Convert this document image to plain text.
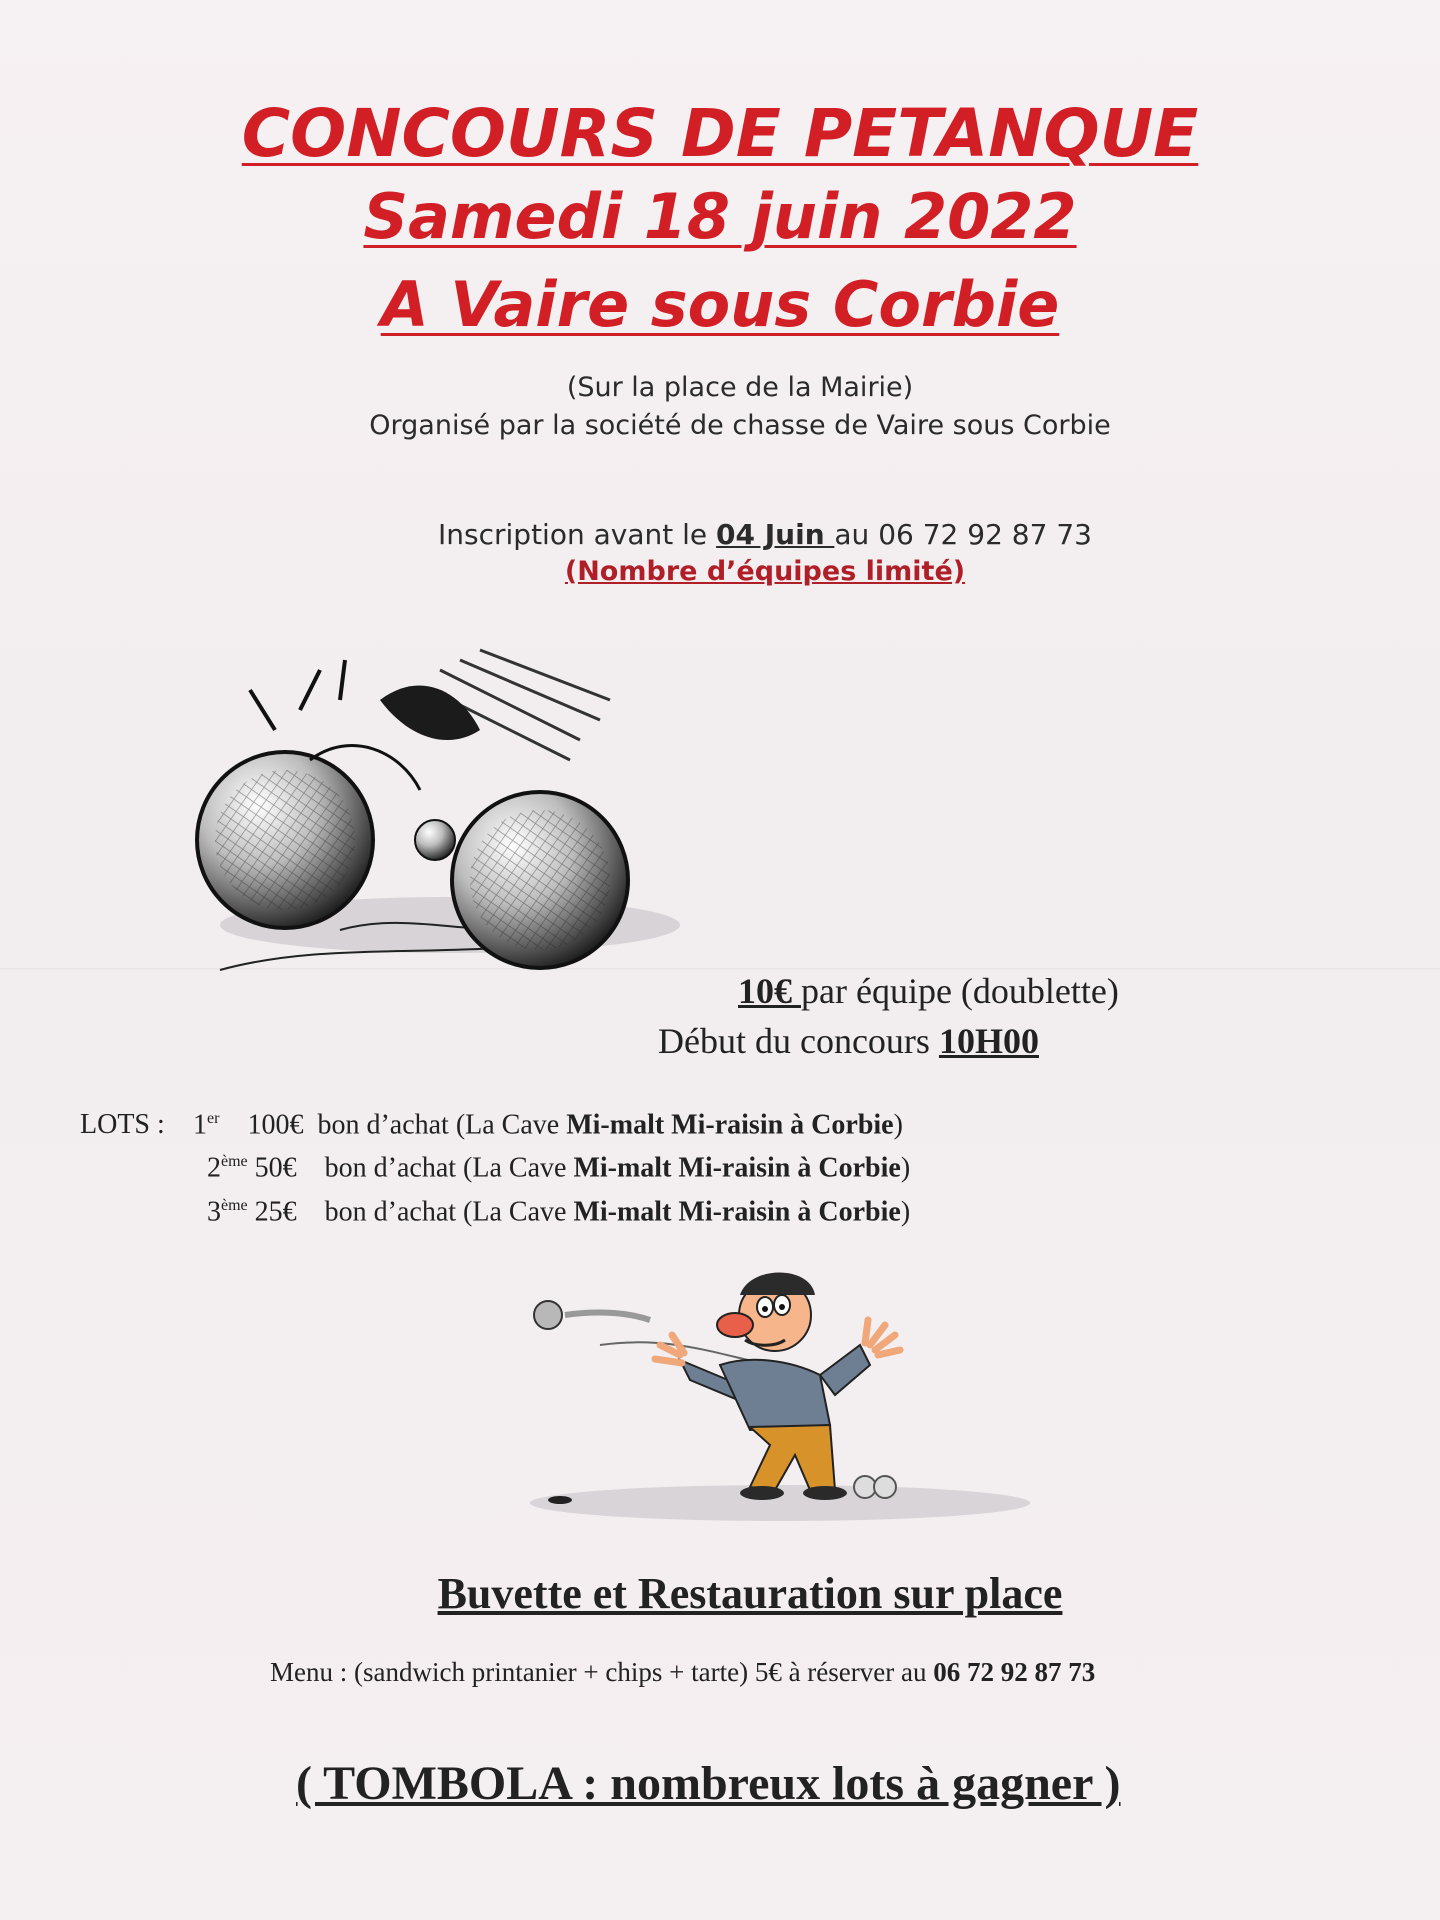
CONCOURS DE PETANQUE
Samedi 18 juin 2022
A Vaire sous Corbie
(Sur la place de la Mairie)
Organisé par la société de chasse de Vaire sous Corbie
Inscription avant le 04 Juin au 06 72 92 87 73
(Nombre d’équipes limité)
10€ par équipe (doublette)
Début du concours 10H00
LOTS :1er 100€ bon d’achat (La Cave Mi-malt Mi-raisin à Corbie)
2ème 50€ bon d’achat (La Cave Mi-malt Mi-raisin à Corbie)
3ème 25€ bon d’achat (La Cave Mi-malt Mi-raisin à Corbie)
Buvette et Restauration sur place
Menu : (sandwich printanier + chips + tarte) 5€ à réserver au 06 72 92 87 73
( TOMBOLA : nombreux lots à gagner )
